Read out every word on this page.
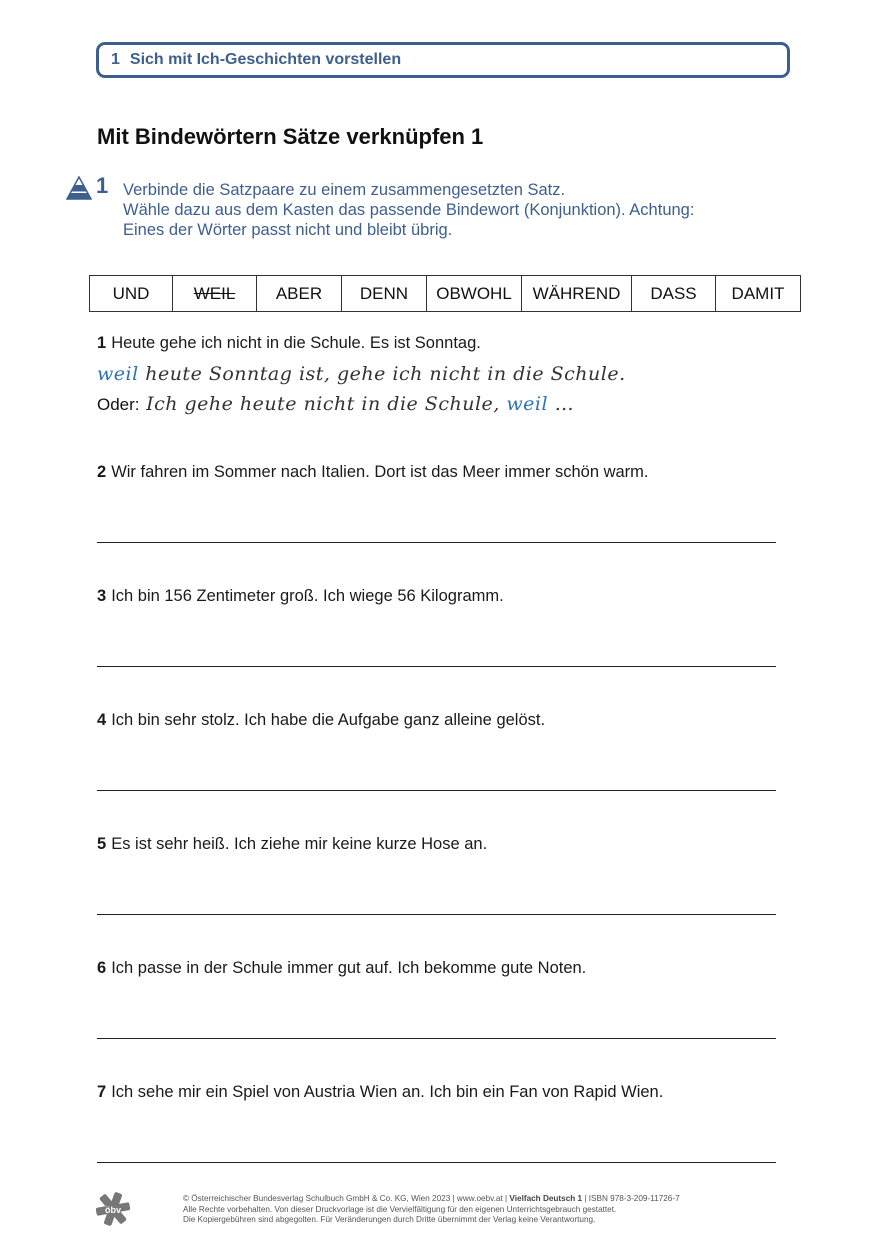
1 Sich mit Ich-Geschichten vorstellen
Mit Bindewörtern Sätze verknüpfen 1
1 Verbinde die Satzpaare zu einem zusammengesetzten Satz.
Wähle dazu aus dem Kasten das passende Bindewort (Konjunktion). Achtung:
Eines der Wörter passt nicht und bleibt übrig.
UND	WEIL	ABER	DENN	OBWOHL	WÄHREND	DASS	DAMIT
1 Heute gehe ich nicht in die Schule. Es ist Sonntag.
weil heute Sonntag ist, gehe ich nicht in die Schule.
Oder: Ich gehe heute nicht in die Schule, weil …
2 Wir fahren im Sommer nach Italien. Dort ist das Meer immer schön warm.
3 Ich bin 156 Zentimeter groß. Ich wiege 56 Kilogramm.
4 Ich bin sehr stolz. Ich habe die Aufgabe ganz alleine gelöst.
5 Es ist sehr heiß. Ich ziehe mir keine kurze Hose an.
6 Ich passe in der Schule immer gut auf. Ich bekomme gute Noten.
7 Ich sehe mir ein Spiel von Austria Wien an. Ich bin ein Fan von Rapid Wien.
öbv
© Österreichischer Bundesverlag Schulbuch GmbH & Co. KG, Wien 2023 | www.oebv.at | Vielfach Deutsch 1 | ISBN 978-3-209-11726-7
Alle Rechte vorbehalten. Von dieser Druckvorlage ist die Vervielfältigung für den eigenen Unterrichtsgebrauch gestattet.
Die Kopiergebühren sind abgegolten. Für Veränderungen durch Dritte übernimmt der Verlag keine Verantwortung.
